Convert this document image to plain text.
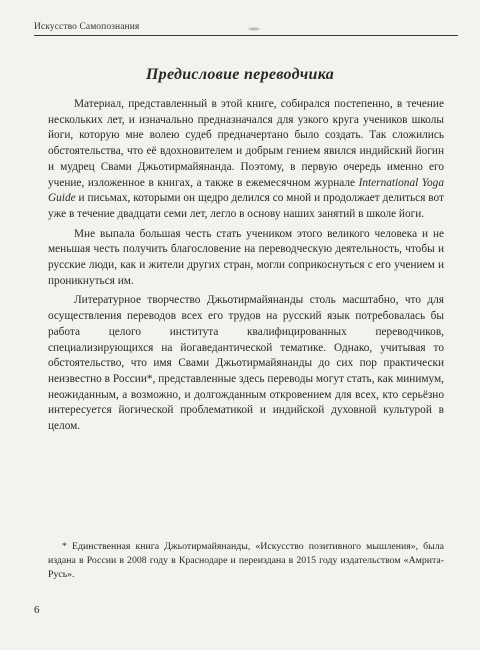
Искусство Самопознания
Предисловие переводчика

Материал, представленный в этой книге, собирался постепенно, в течение нескольких лет, и изначально предназначался для узкого круга учеников школы йоги, которую мне волею судеб предначертано было создать. Так сложились обстоятельства, что её вдохновителем и добрым гением явился индийский йогин и мудрец Свами Джьотирмайянанда. Поэтому, в первую очередь именно его учение, изложенное в книгах, а также в ежемесячном журнале International Yoga Guide и письмах, которыми он щедро делился со мной и продолжает делиться вот уже в течение двадцати семи лет, легло в основу наших занятий в школе йоги.

Мне выпала большая честь стать учеником этого великого человека и не меньшая честь получить благословение на переводческую деятельность, чтобы и русские люди, как и жители других стран, могли соприкоснуться с его учением и проникнуться им.

Литературное творчество Джьотирмайянанды столь масштабно, что для осуществления переводов всех его трудов на русский язык потребовалась бы работа целого института квалифицированных переводчиков, специализирующихся на йогаведантической тематике. Однако, учитывая то обстоятельство, что имя Свами Джьотирмайянанды до сих пор практически неизвестно в России*, представленные здесь переводы могут стать, как минимум, неожиданным, а возможно, и долгожданным откровением для всех, кто серьёзно интересуется йогической проблематикой и индийской духовной культурой в целом.

* Единственная книга Джьотирмайянанды, «Искусство позитивного мышления», была издана в России в 2008 году в Краснодаре и переиздана в 2015 году издательством «Амрита-Русь».

6
